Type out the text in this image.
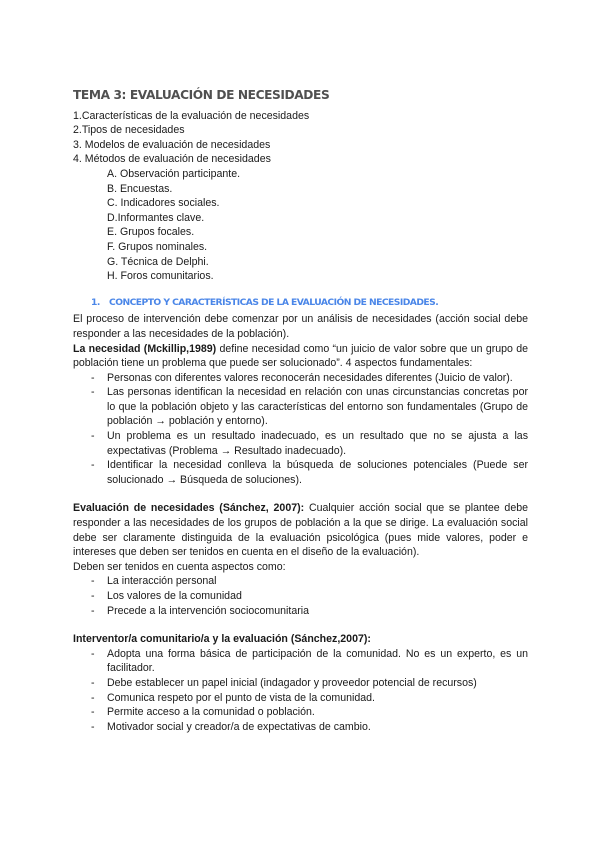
TEMA 3: EVALUACIÓN DE NECESIDADES

1.Características de la evaluación de necesidades

2.Tipos de necesidades

3. Modelos de evaluación de necesidades

4. Métodos de evaluación de necesidades

A. Observación participante.

B. Encuestas.

C. Indicadores sociales.

D.Informantes clave.

E. Grupos focales.

F. Grupos nominales.

G. Técnica de Delphi.

H. Foros comunitarios.

1. CONCEPTO Y CARACTERÍSTICAS DE LA EVALUACIÓN DE NECESIDADES.

El proceso de intervención debe comenzar por un análisis de necesidades (acción social debe responder a las necesidades de la población).

La necesidad (Mckillip,1989) define necesidad como “un juicio de valor sobre que un grupo de población tiene un problema que puede ser solucionado”. 4 aspectos fundamentales:

- Personas con diferentes valores reconocerán necesidades diferentes (Juicio de valor).
- Las personas identifican la necesidad en relación con unas circunstancias concretas por lo que la población objeto y las características del entorno son fundamentales (Grupo de población → población y entorno).
- Un problema es un resultado inadecuado, es un resultado que no se ajusta a las expectativas (Problema → Resultado inadecuado).
- Identificar la necesidad conlleva la búsqueda de soluciones potenciales (Puede ser solucionado → Búsqueda de soluciones).

Evaluación de necesidades (Sánchez, 2007): Cualquier acción social que se plantee debe responder a las necesidades de los grupos de población a la que se dirige. La evaluación social debe ser claramente distinguida de la evaluación psicológica (pues mide valores, poder e intereses que deben ser tenidos en cuenta en el diseño de la evaluación).

Deben ser tenidos en cuenta aspectos como:

- La interacción personal
- Los valores de la comunidad
- Precede a la intervención sociocomunitaria

Interventor/a comunitario/a y la evaluación (Sánchez,2007):

- Adopta una forma básica de participación de la comunidad. No es un experto, es un facilitador.
- Debe establecer un papel inicial (indagador y proveedor potencial de recursos)
- Comunica respeto por el punto de vista de la comunidad.
- Permite acceso a la comunidad o población.
- Motivador social y creador/a de expectativas de cambio.
